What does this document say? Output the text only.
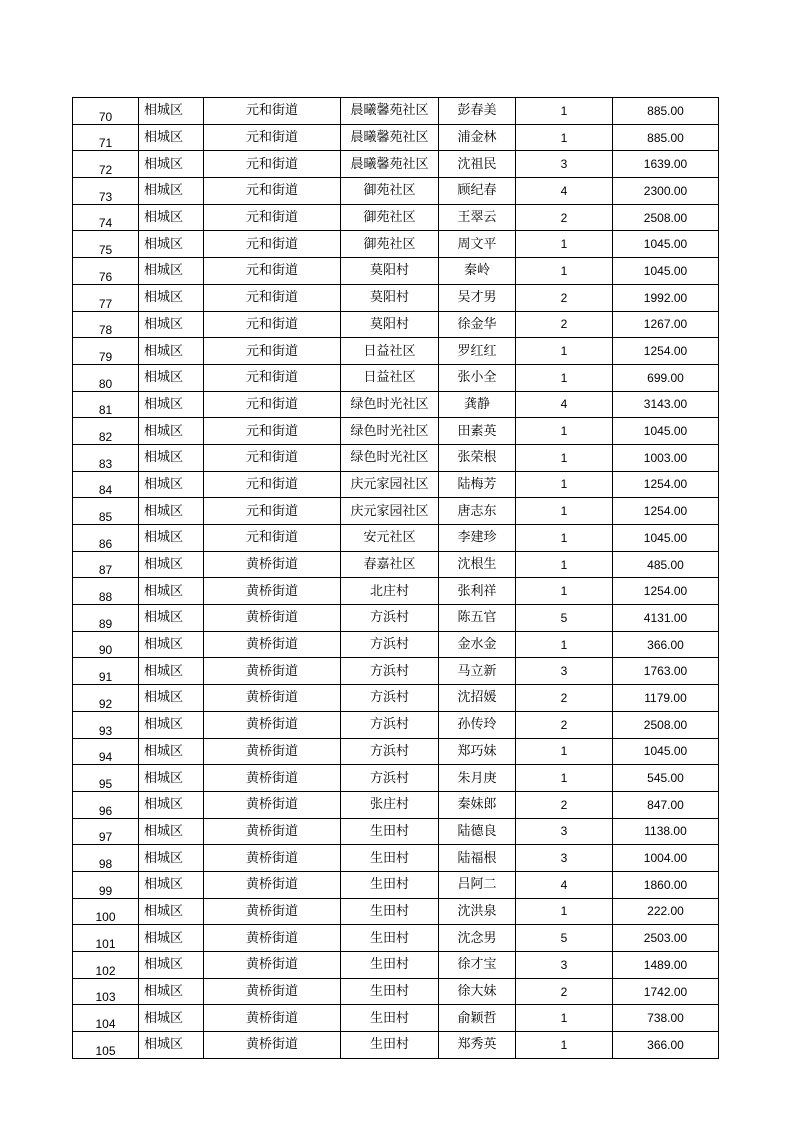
70	相城区	元和街道	晨曦馨苑社区	彭春美	1	885.00
71	相城区	元和街道	晨曦馨苑社区	浦金林	1	885.00
72	相城区	元和街道	晨曦馨苑社区	沈祖民	3	1639.00
73	相城区	元和街道	御苑社区	顾纪春	4	2300.00
74	相城区	元和街道	御苑社区	王翠云	2	2508.00
75	相城区	元和街道	御苑社区	周文平	1	1045.00
76	相城区	元和街道	莫阳村	秦岭	1	1045.00
77	相城区	元和街道	莫阳村	吴才男	2	1992.00
78	相城区	元和街道	莫阳村	徐金华	2	1267.00
79	相城区	元和街道	日益社区	罗红红	1	1254.00
80	相城区	元和街道	日益社区	张小全	1	699.00
81	相城区	元和街道	绿色时光社区	龚静	4	3143.00
82	相城区	元和街道	绿色时光社区	田素英	1	1045.00
83	相城区	元和街道	绿色时光社区	张荣根	1	1003.00
84	相城区	元和街道	庆元家园社区	陆梅芳	1	1254.00
85	相城区	元和街道	庆元家园社区	唐志东	1	1254.00
86	相城区	元和街道	安元社区	李建珍	1	1045.00
87	相城区	黄桥街道	春嘉社区	沈根生	1	485.00
88	相城区	黄桥街道	北庄村	张利祥	1	1254.00
89	相城区	黄桥街道	方浜村	陈五官	5	4131.00
90	相城区	黄桥街道	方浜村	金水金	1	366.00
91	相城区	黄桥街道	方浜村	马立新	3	1763.00
92	相城区	黄桥街道	方浜村	沈招媛	2	1179.00
93	相城区	黄桥街道	方浜村	孙传玲	2	2508.00
94	相城区	黄桥街道	方浜村	郑巧妹	1	1045.00
95	相城区	黄桥街道	方浜村	朱月庚	1	545.00
96	相城区	黄桥街道	张庄村	秦妹郎	2	847.00
97	相城区	黄桥街道	生田村	陆德良	3	1138.00
98	相城区	黄桥街道	生田村	陆福根	3	1004.00
99	相城区	黄桥街道	生田村	吕阿二	4	1860.00
100	相城区	黄桥街道	生田村	沈洪泉	1	222.00
101	相城区	黄桥街道	生田村	沈念男	5	2503.00
102	相城区	黄桥街道	生田村	徐才宝	3	1489.00
103	相城区	黄桥街道	生田村	徐大妹	2	1742.00
104	相城区	黄桥街道	生田村	俞颖哲	1	738.00
105	相城区	黄桥街道	生田村	郑秀英	1	366.00
